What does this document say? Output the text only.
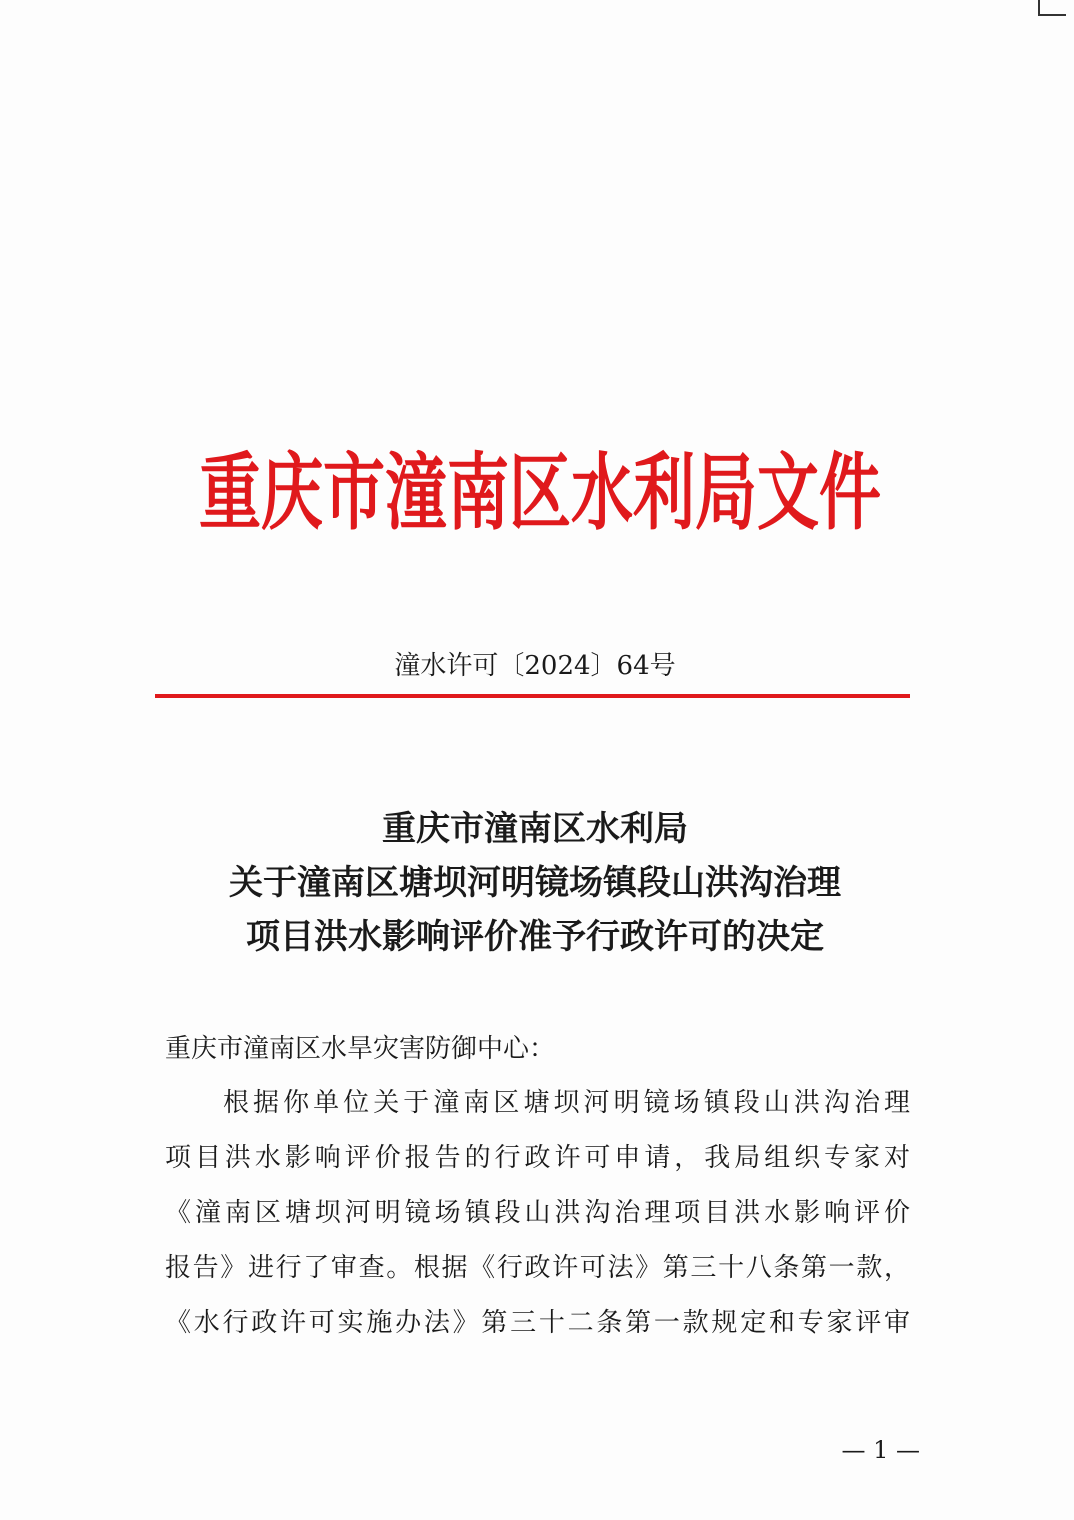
重庆市潼南区水利局文件
潼水许可〔2024〕64号
重庆市潼南区水利局
关于潼南区塘坝河明镜场镇段山洪沟治理
项目洪水影响评价准予行政许可的决定
重庆市潼南区水旱灾害防御中心：
根据你单位关于潼南区塘坝河明镜场镇段山洪沟治理
项目洪水影响评价报告的行政许可申请，我局组织专家对
《潼南区塘坝河明镜场镇段山洪沟治理项目洪水影响评价
报告》进行了审查。根据《行政许可法》第三十八条第一款，
《水行政许可实施办法》第三十二条第一款规定和专家评审
— 1 —
